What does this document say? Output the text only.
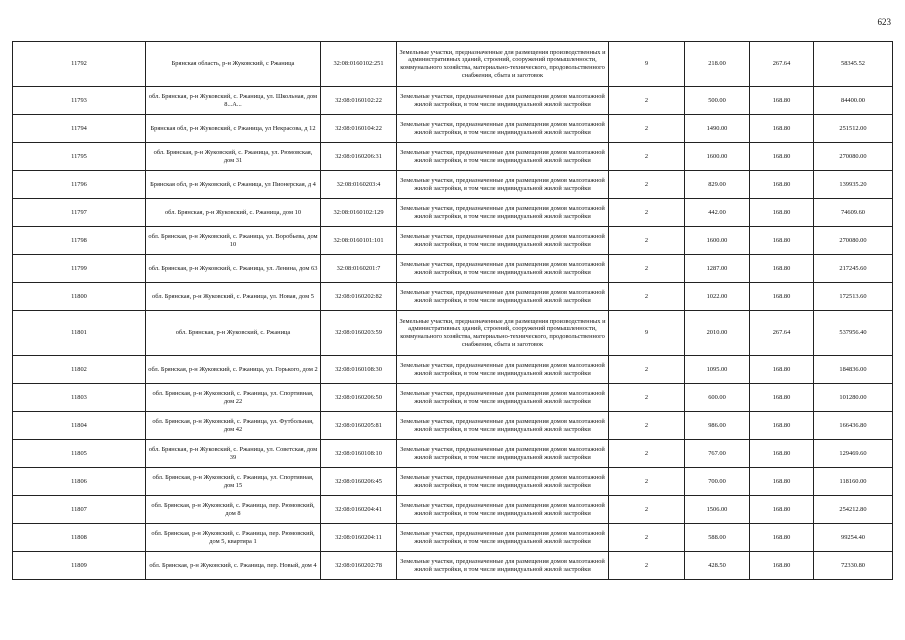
623
11792	Брянская область, р-н Жуковский, с Ржаница	32:08:0160102:251	Земельные участки, предназначенные для размещения производственных и административных зданий, строений, сооружений промышленности, коммунального хозяйства, материально-технического, продовольственного снабжения, сбыта и заготовок	9	218.00	267.64	58345.52
11793	обл. Брянская, р-н Жуковский, с. Ржаница, ул. Школьная, дом 8...А...	32:08:0160102:22	Земельные участки, предназначенные для размещения домов малоэтажной жилой застройки, в том числе индивидуальной жилой застройки	2	500.00	168.80	84400.00
11794	Брянская обл, р-н Жуковский, с Ржаница, ул Некрасова, д 12	32:08:0160104:22	Земельные участки, предназначенные для размещения домов малоэтажной жилой застройки, в том числе индивидуальной жилой застройки	2	1490.00	168.80	251512.00
11795	обл. Брянская, р-н Жуковский, с. Ржаница, ул. Рюмовская, дом 31	32:08:0160206:31	Земельные участки, предназначенные для размещения домов малоэтажной жилой застройки, в том числе индивидуальной жилой застройки	2	1600.00	168.80	270080.00
11796	Брянская обл, р-н Жуковский, с Ржаница, ул Пионерская, д 4	32:08:0160203:4	Земельные участки, предназначенные для размещения домов малоэтажной жилой застройки, в том числе индивидуальной жилой застройки	2	829.00	168.80	139935.20
11797	обл. Брянская, р-н Жуковский, с. Ржаница, дом 10	32:08:0160102:129	Земельные участки, предназначенные для размещения домов малоэтажной жилой застройки, в том числе индивидуальной жилой застройки	2	442.00	168.80	74609.60
11798	обл. Брянская, р-н Жуковский, с. Ржаница, ул. Воробьева, дом 10	32:08:0160101:101	Земельные участки, предназначенные для размещения домов малоэтажной жилой застройки, в том числе индивидуальной жилой застройки	2	1600.00	168.80	270080.00
11799	обл. Брянская, р-н Жуковский, с. Ржаница, ул. Ленина, дом 63	32:08:0160201:7	Земельные участки, предназначенные для размещения домов малоэтажной жилой застройки, в том числе индивидуальной жилой застройки	2	1287.00	168.80	217245.60
11800	обл. Брянская, р-н Жуковский, с. Ржаница, ул. Новая, дом 5	32:08:0160202:82	Земельные участки, предназначенные для размещения домов малоэтажной жилой застройки, в том числе индивидуальной жилой застройки	2	1022.00	168.80	172513.60
11801	обл. Брянская, р-н Жуковский, с. Ржаница	32:08:0160203:59	Земельные участки, предназначенные для размещения производственных и административных зданий, строений, сооружений промышленности, коммунального хозяйства, материально-технического, продовольственного снабжения, сбыта и заготовок	9	2010.00	267.64	537956.40
11802	обл. Брянская, р-н Жуковский, с. Ржаница, ул. Горького, дом 2	32:08:0160108:30	Земельные участки, предназначенные для размещения домов малоэтажной жилой застройки, в том числе индивидуальной жилой застройки	2	1095.00	168.80	184836.00
11803	обл. Брянская, р-н Жуковский, с. Ржаница, ул. Спортивная, дом 22	32:08:0160206:50	Земельные участки, предназначенные для размещения домов малоэтажной жилой застройки, в том числе индивидуальной жилой застройки	2	600.00	168.80	101280.00
11804	обл. Брянская, р-н Жуковский, с. Ржаница, ул. Футбольная, дом 42	32:08:0160205:81	Земельные участки, предназначенные для размещения домов малоэтажной жилой застройки, в том числе индивидуальной жилой застройки	2	986.00	168.80	166436.80
11805	обл. Брянская, р-н Жуковский, с. Ржаница, ул. Советская, дом 39	32:08:0160108:10	Земельные участки, предназначенные для размещения домов малоэтажной жилой застройки, в том числе индивидуальной жилой застройки	2	767.00	168.80	129469.60
11806	обл. Брянская, р-н Жуковский, с. Ржаница, ул. Спортивная, дом 15	32:08:0160206:45	Земельные участки, предназначенные для размещения домов малоэтажной жилой застройки, в том числе индивидуальной жилой застройки	2	700.00	168.80	118160.00
11807	обл. Брянская, р-н Жуковский, с. Ржаница, пер. Рюмовский, дом 8	32:08:0160204:41	Земельные участки, предназначенные для размещения домов малоэтажной жилой застройки, в том числе индивидуальной жилой застройки	2	1506.00	168.80	254212.80
11808	обл. Брянская, р-н Жуковский, с. Ржаница, пер. Рюмовский, дом 5, квартира 1	32:08:0160204:11	Земельные участки, предназначенные для размещения домов малоэтажной жилой застройки, в том числе индивидуальной жилой застройки	2	588.00	168.80	99254.40
11809	обл. Брянская, р-н Жуковский, с. Ржаница, пер. Новый, дом 4	32:08:0160202:78	Земельные участки, предназначенные для размещения домов малоэтажной жилой застройки, в том числе индивидуальной жилой застройки	2	428.50	168.80	72330.80
